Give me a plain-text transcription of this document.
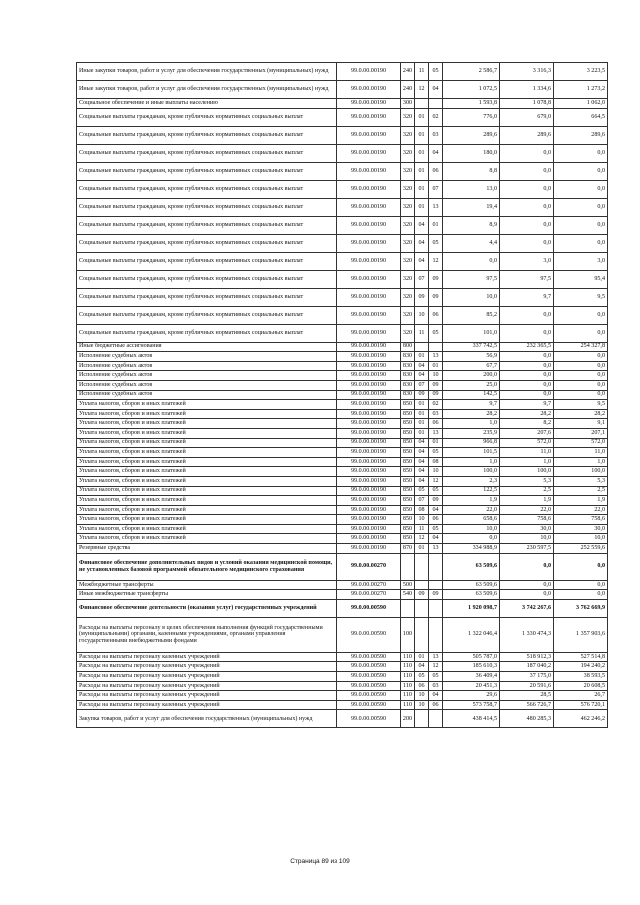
Иные закупки товаров, работ и услуг для обеспечения государственных (муниципальных) нужд	99.0.00.00190	240	11	05	2 586,7	3 316,3	3 223,5
Иные закупки товаров, работ и услуг для обеспечения государственных (муниципальных) нужд	99.0.00.00190	240	12	04	1 072,5	1 334,6	1 273,2
Социальное обеспечение и иные выплаты населению	99.0.00.00190	300			1 593,8	1 078,8	1 062,0
Социальные выплаты гражданам, кроме публичных нормативных социальных выплат	99.0.00.00190	320	01	02	776,0	679,0	664,5
Социальные выплаты гражданам, кроме публичных нормативных социальных выплат	99.0.00.00190	320	01	03	289,6	289,6	289,6
Социальные выплаты гражданам, кроме публичных нормативных социальных выплат	99.0.00.00190	320	01	04	180,0	0,0	0,0
Социальные выплаты гражданам, кроме публичных нормативных социальных выплат	99.0.00.00190	320	01	06	8,8	0,0	0,0
Социальные выплаты гражданам, кроме публичных нормативных социальных выплат	99.0.00.00190	320	01	07	13,0	0,0	0,0
Социальные выплаты гражданам, кроме публичных нормативных социальных выплат	99.0.00.00190	320	01	13	19,4	0,0	0,0
Социальные выплаты гражданам, кроме публичных нормативных социальных выплат	99.0.00.00190	320	04	01	8,9	0,0	0,0
Социальные выплаты гражданам, кроме публичных нормативных социальных выплат	99.0.00.00190	320	04	05	4,4	0,0	0,0
Социальные выплаты гражданам, кроме публичных нормативных социальных выплат	99.0.00.00190	320	04	12	0,0	3,0	3,0
Социальные выплаты гражданам, кроме публичных нормативных социальных выплат	99.0.00.00190	320	07	09	97,5	97,5	95,4
Социальные выплаты гражданам, кроме публичных нормативных социальных выплат	99.0.00.00190	320	09	09	10,0	9,7	9,5
Социальные выплаты гражданам, кроме публичных нормативных социальных выплат	99.0.00.00190	320	10	06	85,2	0,0	0,0
Социальные выплаты гражданам, кроме публичных нормативных социальных выплат	99.0.00.00190	320	11	05	101,0	0,0	0,0
Иные бюджетные ассигнования	99.0.00.00190	800			337 742,5	232 365,5	254 327,8
Исполнение судебных актов	99.0.00.00190	830	01	13	56,9	0,0	0,0
Исполнение судебных актов	99.0.00.00190	830	04	01	67,7	0,0	0,0
Исполнение судебных актов	99.0.00.00190	830	04	10	200,0	0,0	0,0
Исполнение судебных актов	99.0.00.00190	830	07	09	25,0	0,0	0,0
Исполнение судебных актов	99.0.00.00190	830	09	09	142,5	0,0	0,0
Уплата налогов, сборов и иных платежей	99.0.00.00190	850	01	02	9,7	9,7	9,5
Уплата налогов, сборов и иных платежей	99.0.00.00190	850	01	03	28,2	28,2	28,2
Уплата налогов, сборов и иных платежей	99.0.00.00190	850	01	06	1,0	8,2	9,1
Уплата налогов, сборов и иных платежей	99.0.00.00190	850	01	13	235,9	207,6	207,1
Уплата налогов, сборов и иных платежей	99.0.00.00190	850	04	01	966,8	572,0	572,0
Уплата налогов, сборов и иных платежей	99.0.00.00190	850	04	05	101,5	11,0	11,0
Уплата налогов, сборов и иных платежей	99.0.00.00190	850	04	08	1,0	1,0	1,0
Уплата налогов, сборов и иных платежей	99.0.00.00190	850	04	10	100,0	100,0	100,0
Уплата налогов, сборов и иных платежей	99.0.00.00190	850	04	12	2,3	5,3	5,3
Уплата налогов, сборов и иных платежей	99.0.00.00190	850	05	05	122,5	2,5	2,5
Уплата налогов, сборов и иных платежей	99.0.00.00190	850	07	09	1,9	1,9	1,9
Уплата налогов, сборов и иных платежей	99.0.00.00190	850	08	04	22,0	22,0	22,0
Уплата налогов, сборов и иных платежей	99.0.00.00190	850	10	06	658,6	758,6	758,6
Уплата налогов, сборов и иных платежей	99.0.00.00190	850	11	05	10,0	30,0	30,0
Уплата налогов, сборов и иных платежей	99.0.00.00190	850	12	04	0,0	10,0	10,0
Резервные средства	99.0.00.00190	870	01	13	334 988,9	230 597,5	252 559,6
Финансовое обеспечение дополнительных видов и условий оказания медицинской помощи, не установленных базовой программой обязательного медицинского страхования	99.0.00.00270				63 509,6	0,0	0,0
Межбюджетные трансферты	99.0.00.00270	500			63 509,6	0,0	0,0
Иные межбюджетные трансферты	99.0.00.00270	540	09	09	63 509,6	0,0	0,0
Финансовое обеспечение деятельности (оказания услуг) государственных учреждений	99.0.00.00590				1 920 098,7	3 742 267,6	3 762 669,9
Расходы на выплаты персоналу в целях обеспечения выполнения функций государственными (муниципальными) органами, казенными учреждениями, органами управления государственными внебюджетными фондами	99.0.00.00590	100			1 322 046,4	1 330 474,3	1 357 903,6
Расходы на выплаты персоналу казенных учреждений	99.0.00.00590	110	01	13	505 787,0	518 912,3	527 514,8
Расходы на выплаты персоналу казенных учреждений	99.0.00.00590	110	04	12	185 610,3	187 040,2	194 240,2
Расходы на выплаты персоналу казенных учреждений	99.0.00.00590	110	05	05	36 409,4	37 175,0	38 593,5
Расходы на выплаты персоналу казенных учреждений	99.0.00.00590	110	06	03	20 451,3	20 591,6	20 608,5
Расходы на выплаты персоналу казенных учреждений	99.0.00.00590	110	10	04	29,6	28,5	26,7
Расходы на выплаты персоналу казенных учреждений	99.0.00.00590	110	10	06	573 758,7	566 726,7	576 720,1
Закупка товаров, работ и услуг для обеспечения государственных (муниципальных) нужд	99.0.00.00590	200			438 414,5	480 285,3	462 246,2
Страница 89 из 109
